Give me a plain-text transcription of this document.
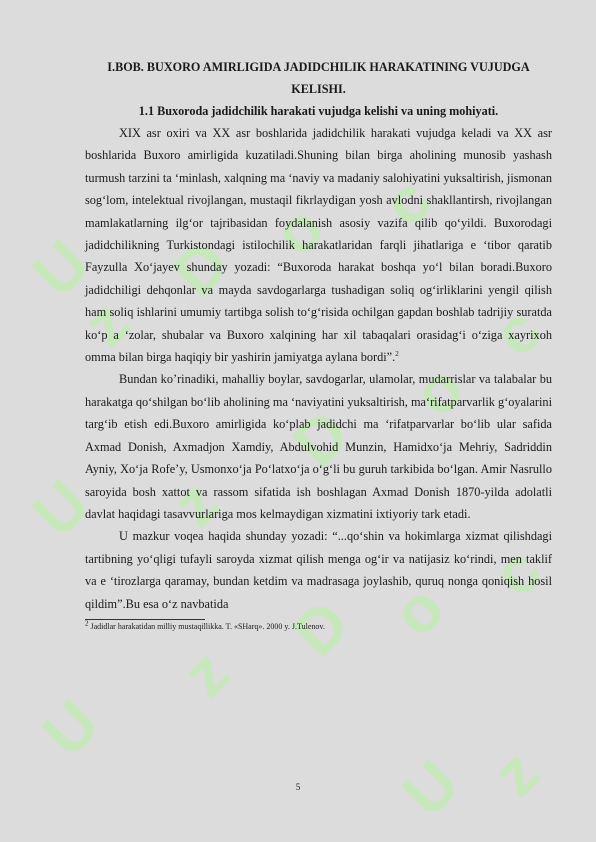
U
z
D o c
U z
D
o
c
U
z
D o c
U z

I.BOB. BUXORO AMIRLIGIDA JADIDCHILIK HARAKATINING VUJUDGA KELISHI.

1.1 Buxoroda jadidchilik harakati vujudga kelishi va uning mohiyati.

XIX asr oxiri va XX asr boshlarida jadidchilik harakati vujudga keladi va XX asr boshlarida Buxoro amirligida kuzatiladi.Shuning bilan birga aholining munosib yashash turmush tarzini ta ‘minlash, xalqning ma ‘naviy va madaniy salohiyatini yuksaltirish, jismonan sog‘lom, intelektual rivojlangan, mustaqil fikrlaydigan yosh avlodni shakllantirsh, rivojlangan mamlakatlarning ilg‘or tajribasidan foydalanish asosiy vazifa qilib qo‘yildi. Buxorodagi jadidchilikning Turkistondagi istilochilik harakatlaridan farqli jihatlariga e ‘tibor qaratib Fayzulla Xo‘jayev shunday yozadi: “Buxoroda harakat boshqa yo‘l bilan boradi.Buxoro jadidchiligi dehqonlar va mayda savdogarlarga tushadigan soliq og‘irliklarini yengil qilish ham soliq ishlarini umumiy tartibga solish to‘g‘risida ochilgan gapdan boshlab tadrijiy suratda ko‘p a ‘zolar, shubalar va Buxoro xalqining har xil tabaqalari orasidag‘i o‘ziga xayrixoh omma bilan birga haqiqiy bir yashirin jamiyatga aylana bordi”.$^2$

Bundan ko’rinadiki, mahalliy boylar, savdogarlar, ulamolar, mudarrislar va talabalar bu harakatga qo‘shilgan bo‘lib aholining ma ‘naviyatini yuksaltirish, ma‘rifatparvarlik g‘oyalarini targ‘ib etish edi.Buxoro amirligida ko‘plab jadidchi ma ‘rifatparvarlar bo‘lib ular safida Axmad Donish, Axmadjon Xamdiy, Abdulvohid Munzin, Hamidxo‘ja Mehriy, Sadriddin Ayniy, Xo‘ja Rofe’y, Usmonxo‘ja Po‘latxo‘ja o‘g‘li bu guruh tarkibida bo‘lgan. Amir Nasrullo saroyida bosh xattot va rassom sifatida ish boshlagan Axmad Donish 1870-yilda adolatli davlat haqidagi tasavvurlariga mos kelmaydigan xizmatini ixtiyoriy tark etadi.

U mazkur voqea haqida shunday yozadi: “...qo‘shin va hokimlarga xizmat qilishdagi tartibning yo‘qligi tufayli saroyda xizmat qilish menga og‘ir va natijasiz ko‘rindi, men taklif va e ‘tirozlarga qaramay, bundan ketdim va madrasaga joylashib, quruq nonga qoniqish hosil qildim”.Bu esa o‘z navbatida

$^2$ Jadidlar harakatidan milliy mustaqillikka. T. «SHarq». 2000 y. J.Tulenov.

5
